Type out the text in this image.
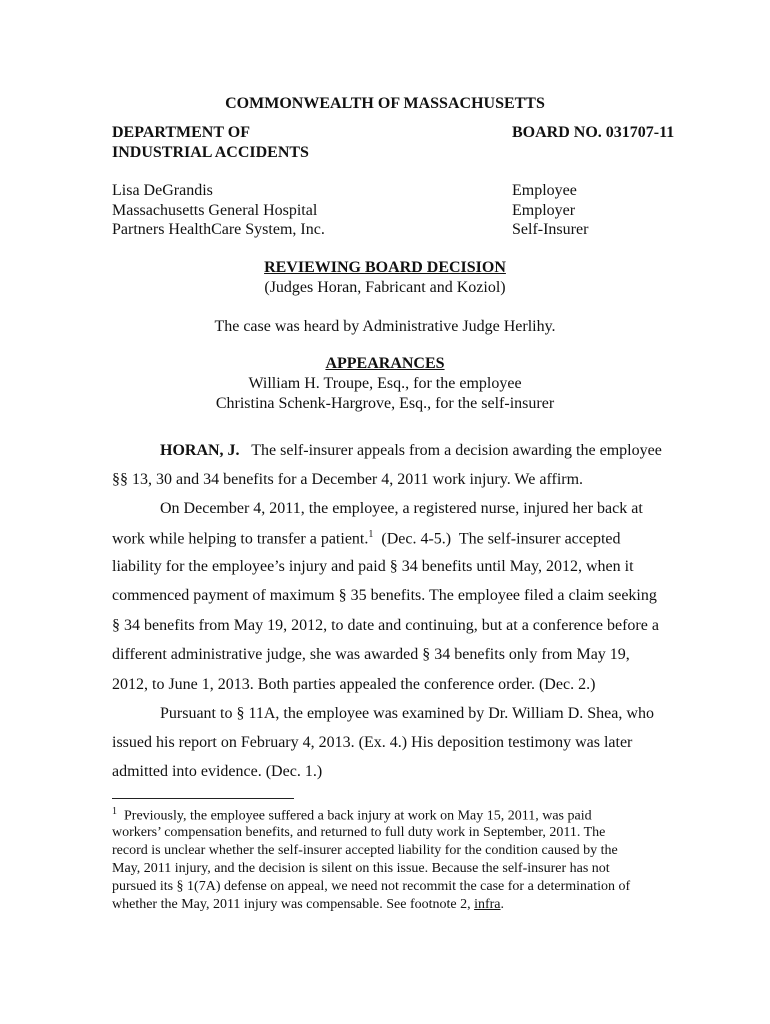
COMMONWEALTH OF MASSACHUSETTS
DEPARTMENT OF
INDUSTRIAL ACCIDENTS
BOARD NO. 031707-11
Lisa DeGrandis	Employee
Massachusetts General Hospital	Employer
Partners HealthCare System, Inc.	Self-Insurer
REVIEWING BOARD DECISION
(Judges Horan, Fabricant and Koziol)
The case was heard by Administrative Judge Herlihy.
APPEARANCES
William H. Troupe, Esq., for the employee
Christina Schenk-Hargrove, Esq., for the self-insurer
HORAN, J. The self-insurer appeals from a decision awarding the employee
§§ 13, 30 and 34 benefits for a December 4, 2011 work injury. We affirm.
On December 4, 2011, the employee, a registered nurse, injured her back at
work while helping to transfer a patient.$^1$  (Dec. 4-5.)  The self-insurer accepted
liability for the employee’s injury and paid § 34 benefits until May, 2012, when it
commenced payment of maximum § 35 benefits. The employee filed a claim seeking
§ 34 benefits from May 19, 2012, to date and continuing, but at a conference before a
different administrative judge, she was awarded § 34 benefits only from May 19,
2012, to June 1, 2013. Both parties appealed the conference order. (Dec. 2.)
Pursuant to § 11A, the employee was examined by Dr. William D. Shea, who
issued his report on February 4, 2013. (Ex. 4.) His deposition testimony was later
admitted into evidence. (Dec. 1.)
$^1$ Previously, the employee suffered a back injury at work on May 15, 2011, was paid
workers’ compensation benefits, and returned to full duty work in September, 2011. The
record is unclear whether the self-insurer accepted liability for the condition caused by the
May, 2011 injury, and the decision is silent on this issue. Because the self-insurer has not
pursued its § 1(7A) defense on appeal, we need not recommit the case for a determination of
whether the May, 2011 injury was compensable. See footnote 2, infra.
